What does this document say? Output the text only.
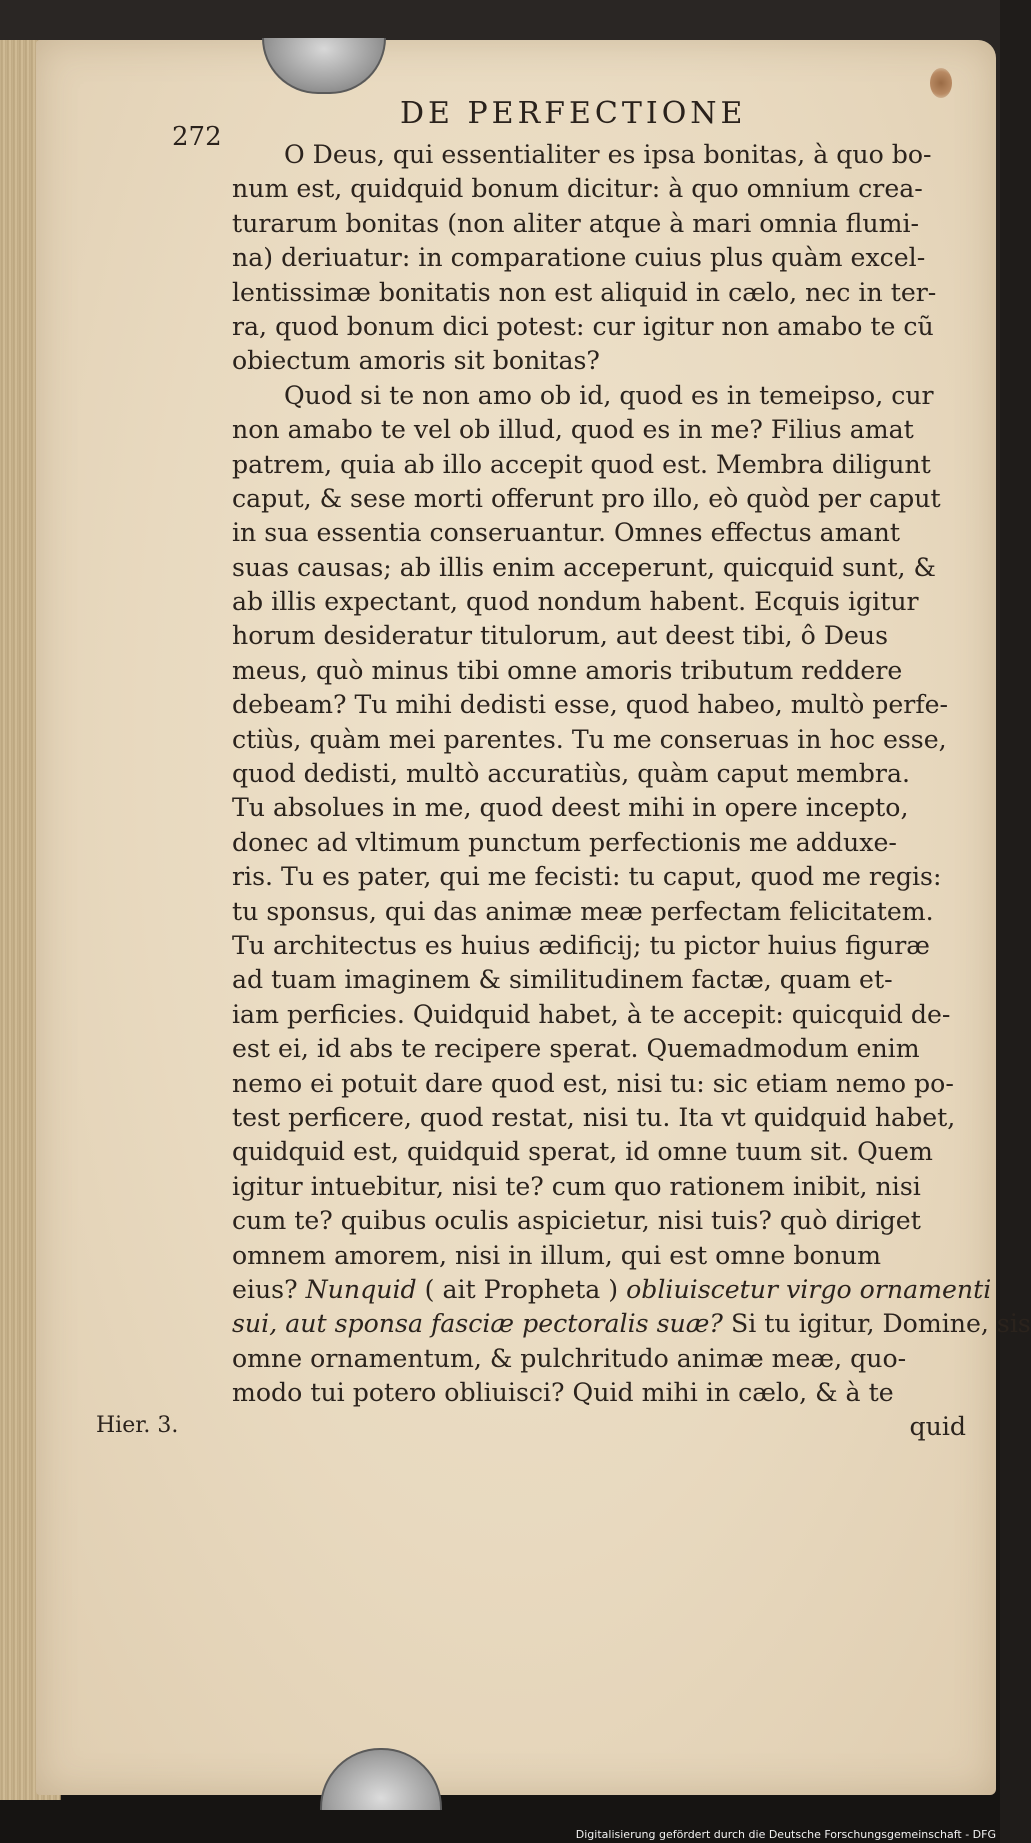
272
DE PERFECTIONE
Hier. 3.
O Deus, qui essentialiter es ipsa bonitas, à quo bo-
num est, quidquid bonum dicitur: à quo omnium crea-
turarum bonitas (non aliter atque à mari omnia flumi-
na) deriuatur: in comparatione cuius plus quàm excel-
lentissimæ bonitatis non est aliquid in cælo, nec in ter-
ra, quod bonum dici potest: cur igitur non amabo te cũ
obiectum amoris sit bonitas?
Quod si te non amo ob id, quod es in temeipso, cur
non amabo te vel ob illud, quod es in me? Filius amat
patrem, quia ab illo accepit quod est. Membra diligunt
caput, & sese morti offerunt pro illo, eò quòd per caput
in sua essentia conseruantur. Omnes effectus amant
suas causas; ab illis enim acceperunt, quicquid sunt, &
ab illis expectant, quod nondum habent. Ecquis igitur
horum desideratur titulorum, aut deest tibi, ô Deus
meus, quò minus tibi omne amoris tributum reddere
debeam? Tu mihi dedisti esse, quod habeo, multò perfe-
ctiùs, quàm mei parentes. Tu me conseruas in hoc esse,
quod dedisti, multò accuratiùs, quàm caput membra.
Tu absolues in me, quod deest mihi in opere incepto,
donec ad vltimum punctum perfectionis me adduxe-
ris. Tu es pater, qui me fecisti: tu caput, quod me regis:
tu sponsus, qui das animæ meæ perfectam felicitatem.
Tu architectus es huius ædificij; tu pictor huius figuræ
ad tuam imaginem & similitudinem factæ, quam et-
iam perficies. Quidquid habet, à te accepit: quicquid de-
est ei, id abs te recipere sperat. Quemadmodum enim
nemo ei potuit dare quod est, nisi tu: sic etiam nemo po-
test perficere, quod restat, nisi tu. Ita vt quidquid habet,
quidquid est, quidquid sperat, id omne tuum sit. Quem
igitur intuebitur, nisi te? cum quo rationem inibit, nisi
cum te? quibus oculis aspicietur, nisi tuis? quò diriget
omnem amorem, nisi in illum, qui est omne bonum
eius? Nunquid ( ait Propheta ) obliuiscetur virgo ornamenti
sui, aut sponsa fasciæ pectoralis suæ? Si tu igitur, Domine, sis
omne ornamentum, & pulchritudo animæ meæ, quo-
modo tui potero obliuisci? Quid mihi in cælo, & à te
quid
Digitalisierung gefördert durch die Deutsche Forschungsgemeinschaft - DFG
